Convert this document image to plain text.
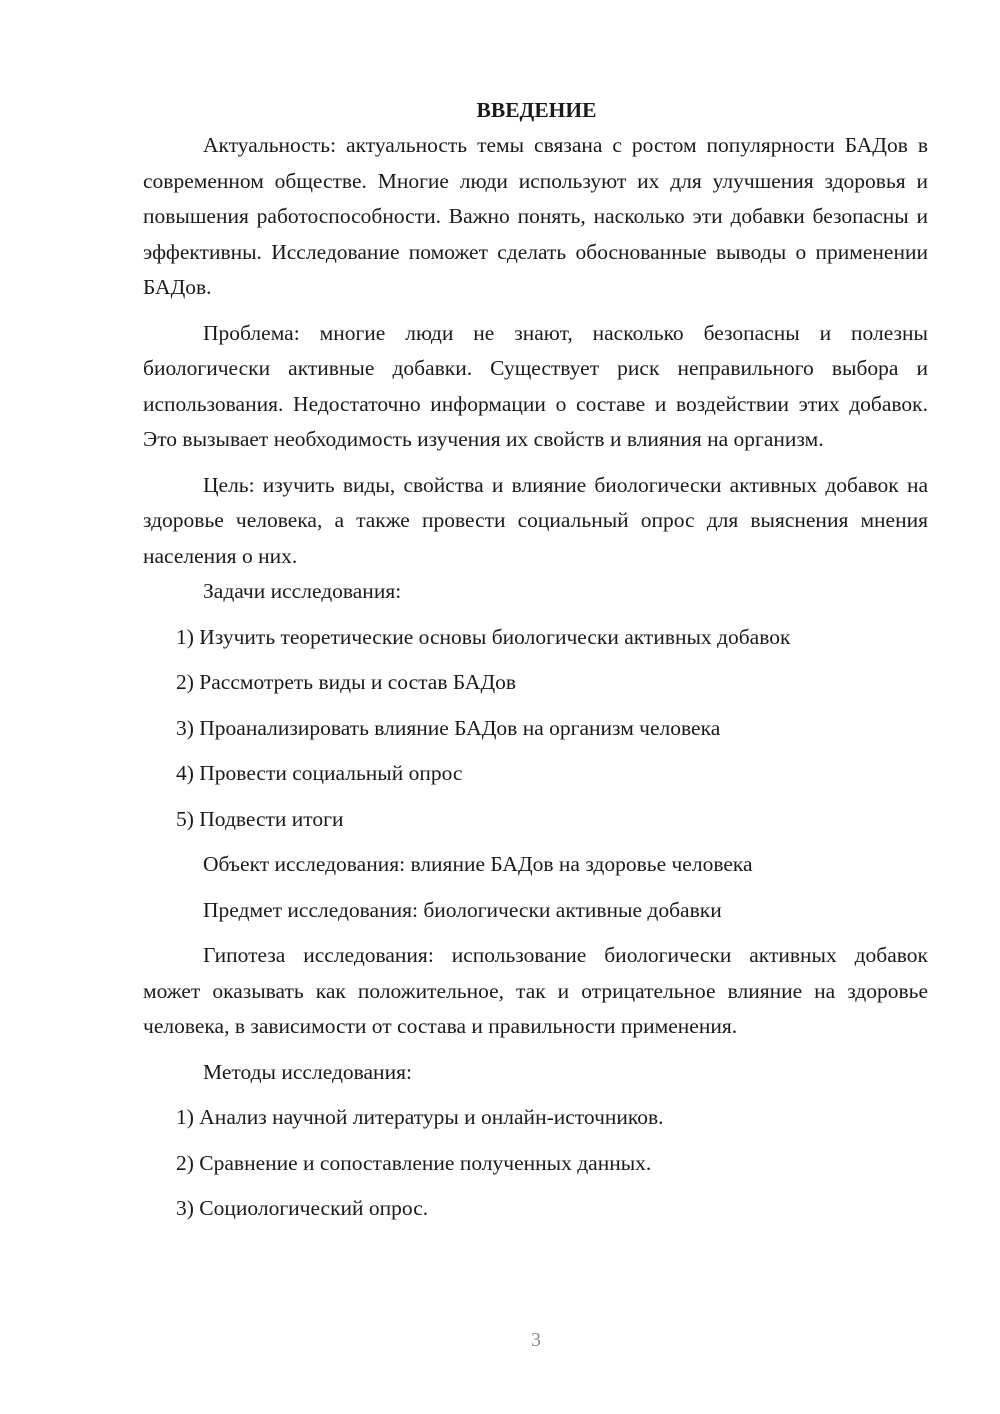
ВВЕДЕНИЕ

Актуальность: актуальность темы связана с ростом популярности БАДов в современном обществе. Многие люди используют их для улучшения здоровья и повышения работоспособности. Важно понять, насколько эти добавки безопасны и эффективны. Исследование поможет сделать обоснованные выводы о применении БАДов.

Проблема: многие люди не знают, насколько безопасны и полезны биологически активные добавки. Существует риск неправильного выбора и использования. Недостаточно информации о составе и воздействии этих добавок. Это вызывает необходимость изучения их свойств и влияния на организм.

Цель: изучить виды, свойства и влияние биологически активных добавок на здоровье человека, а также провести социальный опрос для выяснения мнения населения о них.

Задачи исследования:

1) Изучить теоретические основы биологически активных добавок
2) Рассмотреть виды и состав БАДов
3) Проанализировать влияние БАДов на организм человека
4) Провести социальный опрос
5) Подвести итоги

Объект исследования: влияние БАДов на здоровье человека

Предмет исследования: биологически активные добавки

Гипотеза исследования: использование биологически активных добавок может оказывать как положительное, так и отрицательное влияние на здоровье человека, в зависимости от состава и правильности применения.

Методы исследования:

1) Анализ научной литературы и онлайн-источников.
2) Сравнение и сопоставление полученных данных.
3) Социологический опрос.
3
